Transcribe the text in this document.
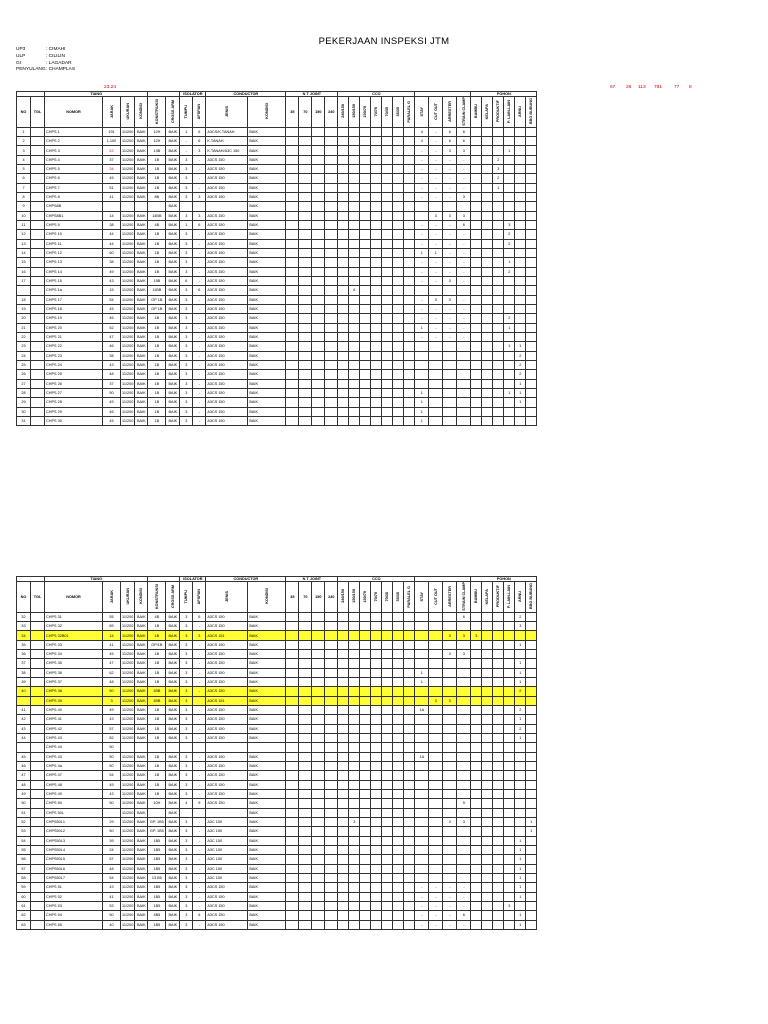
PEKERJAAN INSPEKSI JTM
UP3	: CIMAHI
ULP	: CILILIN
GI	: LAGADAR
PENYULANG: CHAMPLAS
23.24	67 26 113 781 77 8
		TIANG						ISOLATOR		CONDUCTOR		N T JOINT				CCO											POHON					
NO	TGL	NOMOR	JARAK	UKURAN	KONDISI	KONSTRUKSI	CROSS ARM	TUMPU	AFSPAN	JENIS	KONDISI	35	70	150	240	240/150	150/150	150/70	70/70	70/35	35/35	PARALEL G	STAY	CUT OUT	ARRESTER	STRAIN CLAMP	BAMBU	KELAPA	PRODUKTIF	P. LAIN-LAIN	ARNU	BBG BUBUNG
1		CHPS 1	191	11/200	BAIK	12H	BAIK	1	6	A3CS/K.TANAH	BAIK												4	-	6	6						
2		CHPS 2	1.100	11/200	BAIK	12H	BAIK	-	6	K.TANAH	BAIK												4	-	6	6						
3		CHPS 3	22	11/200	BAIK	13B	BAIK	-	3	K.TANAH/A3C 150	BAIK												-	-	3	3				1		
4		CHPS 4	37	11/200	BAIK	1B	BAIK	3	-	A3CS 150	BAIK												-	-	-	-			2			
5		CHPS 5	34	11/200	BAIK	1B	BAIK	3	-	A3CS 150	BAIK												-	-	-	-			3			
6		CHPS 6	45	11/200	BAIK	1B	BAIK	3	-	A3CS 150	BAIK												-	-	-	-			2			
7		CHPS 7	51	11/200	BAIK	1B	BAIK	3	-	A3CS 150	BAIK												-	-	-	-			1			
8		CHPS 8	41	11/200	BAIK	8B	BAIK	3	3	A3CS 150	BAIK												-	-	-	3						
9		CHPS8B					BAIK				BAIK																					
10		CHPS8B1	14	11/200	BAIK	14BB	BAIK	3	3	A3CS 150	BAIK													3	3	3						
11		CHPS 9	38	11/200	BAIK	4B	BAIK	1	6	A3CS 150	BAIK												-	-	-	6				3		
12		CHPS 10	44	11/200	BAIK	1B	BAIK	3	-	A3CS 150	BAIK												-	-	-	-				2		
13		CHPS 11	44	11/200	BAIK	1B	BAIK	3	-	A3CS 150	BAIK												-	-	-	-				2		
14		CHPS 12	60	11/200	BAIK	1B	BAIK	3	-	A3CS 150	BAIK												1	1	-	-						
15		CHPS 13	38	11/200	BAIK	1B	BAIK	3	-	A3CS 150	BAIK												-	-	-	-				1		
16		CHPS 14	49	11/200	BAIK	1B	BAIK	3	-	A3CS 150	BAIK												-	-	-	-				2		
17		CHPS 15	43	11/200	BAIK	15B	BAIK	6	-	A3CS 150	BAIK												-	-	3	-						
		CHPS 1a	15	11/200	BAIK	11BB	BAIK	3	6	A3CS 150	BAIK						6															
18		CHPS 17	54	11/200	BAIK	GP 1B	BAIK	3	-	A3CS 150	BAIK												-	3	3	-						
19		CHPS 18	45	11/200	BAIK	GP 1B	BAIK	3	-	A3CS 150	BAIK												-	-	-	-						
20		CHPS 19	46	11/200	BAIK	1B	BAIK	3	-	A3CS 150	BAIK												-	-	-	-				2		
21		CHPS 20	52	11/200	BAIK	1B	BAIK	3	-	A3CS 150	BAIK												1	-	-	-				1		
22		CHPS 21	47	11/200	BAIK	1B	BAIK	3	-	A3CS 150	BAIK												-	-	-	-						
23		CHPS 22	46	11/200	BAIK	1B	BAIK	3	-	A3CS 150	BAIK																			1	1	
24		CHPS 23	38	11/200	BAIK	1B	BAIK	3	-	A3CS 150	BAIK																				2	
25		CHPS 24	43	11/200	BAIK	1B	BAIK	3	-	A3CS 150	BAIK																				2	
26		CHPS 25	48	11/200	BAIK	1B	BAIK	3	-	A3CS 150	BAIK																				2	
27		CHPS 26	37	11/200	BAIK	1B	BAIK	3	-	A3CS 150	BAIK																				1	
28		CHPS 27	50	11/200	BAIK	1B	BAIK	3	-	A3CS 150	BAIK												1							1	1	
29		CHPS 28	49	11/200	BAIK	1B	BAIK	3	-	A3CS 150	BAIK												1								1	
30		CHPS 29	46	11/200	BAIK	1B	BAIK	3	-	A3CS 150	BAIK												1									
31		CHPS 30	45	11/200	BAIK	1B	BAIK	3	-	A3CS 150	BAIK												1									
		TIANG						ISOLATOR		CONDUCTOR		N T JOINT				CCO											POHON					
NO	TGL	NOMOR	JARAK	UKURAN	KONDISI	KONSTRUKSI	CROSS ARM	TUMPU	AFSPAN	JENIS	KONDISI	35	70	150	240	240/150	150/150	150/70	70/70	70/35	35/35	PARALEL G	STAY	CUT OUT	ARRESTER	STRAIN CLAMP	BAMBU	KELAPA	PRODUKTIF	P. LAIN-LAIN	ARNU	BBG BUBUNG
32		CHPS 31	55	11/200	BAIK	4B	BAIK	3	6	A3CS 150	BAIK															6					2	
33		CHPS 32	89	11/200	BAIK	1B	BAIK	3	-	A3CS 150	BAIK																				3	
34		CHPS 32B01	14	11/200	BAIK	1B	BAIK	3	3	A3CS 151	BAIK														3	3	3					
35		CHPS 33	41	11/200	BAIK	GP/1B	BAIK	3	-	A3CS 150	BAIK																				1	
36		CHPS 34	45	11/200	BAIK	1B	BAIK	3	-	A3CS 150	BAIK														3	3						
37		CHPS 35	47	11/200	BAIK	1B	BAIK	3	-	A3CS 150	BAIK																				1	
38		CHPS 36	62	11/200	BAIK	1B	BAIK	3	-	A3CS 150	BAIK												1								1	
39		CHPS 37	48	11/200	BAIK	1B	BAIK	3	-	A3CS 150	BAIK												1								1	
40		CHPS 38	50	11/200	BAIK	1BB	BAIK	3	-	A3CS 150	BAIK																				2	
		CHPS 39	3	11/200	BAIK	1BB	BAIK	3		A3CS 151	BAIK													3	3							
41		CHPS 40	49	11/200	BAIK	1B	BAIK	3	-	A3CS 150	BAIK												1A								2	
42		CHPS 41	43	11/200	BAIK	1B	BAIK	3	-	A3CS 150	BAIK																				1	
43		CHPS 42	57	11/200	BAIK	1B	BAIK	3	-	A3CS 150	BAIK																				2	
44		CHPS 43	82	11/200	BAIK	1B	BAIK	3	-	A3CS 150	BAIK																				1	
		CHPS 44	50																													
45		CHPS 43	50	11/200	BAIK	1B	BAIK	3	-	A3CS 150	BAIK												1A									
46		CHPS 4a	50	11/200	BAIK	1B	BAIK	3	-	A3CS 150	BAIK																					
47		CHPS 47	54	11/200	BAIK	1B	BAIK	3	-	A3CS 150	BAIK																					
48		CHPS 48	49	11/200	BAIK	1B	BAIK	3	-	A3CS 150	BAIK																					
49		CHPS 49	43	11/200	BAIK	1B	BAIK	3	-	A3CS 150	BAIK																					
50		CHPS 50	50	11/200	BAIK	10H	BAIK	4	9	A3CS 150	BAIK															9						
51		CHPS 50L		11/200	BAIK		BAIK				BAIK																					
52		CHPS50L1	29	11/200	BAIK	GP. 1B5	BAIK	3	-	A3C 150	BAIK						3								3	3						1
53		CHPS50L2	50	11/200	BAIK	GP. 1B5	BAIK	3	-	A3C 150	BAIK																					1
54		CHPS50L3	39	11/200	BAIK	1B5	BAIK	3	-	A3C 150	BAIK																				1	
55		CHPS50L4	24	11/200	BAIK	1B5	BAIK	3	-	A3C 150	BAIK																				1	
56		CHPS50L5	57	11/200	BAIK	1B5	BAIK	3	-	A3C 150	BAIK																				1	
57		CHPS50L6	48	11/200	BAIK	1B5	BAIK	3	-	A3C 150	BAIK																				1	
58		CHPS50L7	54	11/200	BAIK	13 B5	BAIK	3	-	A3C 150	BAIK																				1	
59		CHPS 51	43	11/200	BAIK	1B5	BAIK	3	-	A3CS 150	BAIK												-	-	-	-					1	
60		CHPS 52	41	11/200	BAIK	1B5	BAIK	3	-	A3CS 150	BAIK												-	-	-	-					1	
61		CHPS 53	53	11/200	BAIK	1B5	BAIK	3	-	A3CS 150	BAIK												-	-	-	-				3		
62		CHPS 54	50	11/200	BAIK	4B5	BAIK	3	6	A3CS 150	BAIK												-	-	-	6					1	
63		CHPS 55	40	11/200	BAIK	1B5	BAIK	3	-	A3CS 150	BAIK												-	-	-	-					1	
